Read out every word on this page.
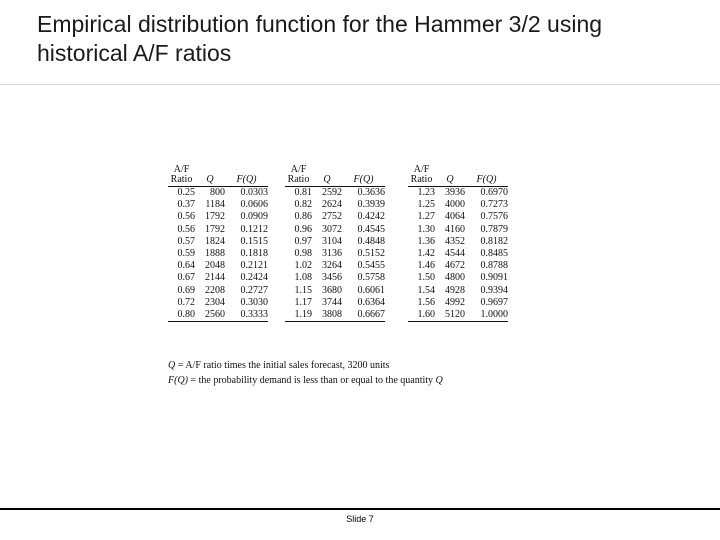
Empirical distribution function for the Hammer 3/2 using historical A/F ratios
A/F		
Ratio	Q	F(Q)
0.25	800	0.0303
0.37	1184	0.0606
0.56	1792	0.0909
0.56	1792	0.1212
0.57	1824	0.1515
0.59	1888	0.1818
0.64	2048	0.2121
0.67	2144	0.2424
0.69	2208	0.2727
0.72	2304	0.3030
0.80	2560	0.3333
A/F		
Ratio	Q	F(Q)
0.81	2592	0.3636
0.82	2624	0.3939
0.86	2752	0.4242
0.96	3072	0.4545
0.97	3104	0.4848
0.98	3136	0.5152
1.02	3264	0.5455
1.08	3456	0.5758
1.15	3680	0.6061
1.17	3744	0.6364
1.19	3808	0.6667
A/F		
Ratio	Q	F(Q)
1.23	3936	0.6970
1.25	4000	0.7273
1.27	4064	0.7576
1.30	4160	0.7879
1.36	4352	0.8182
1.42	4544	0.8485
1.46	4672	0.8788
1.50	4800	0.9091
1.54	4928	0.9394
1.56	4992	0.9697
1.60	5120	1.0000
Q = A/F ratio times the initial sales forecast, 3200 units
F(Q) = the probability demand is less than or equal to the quantity Q
Slide 7
